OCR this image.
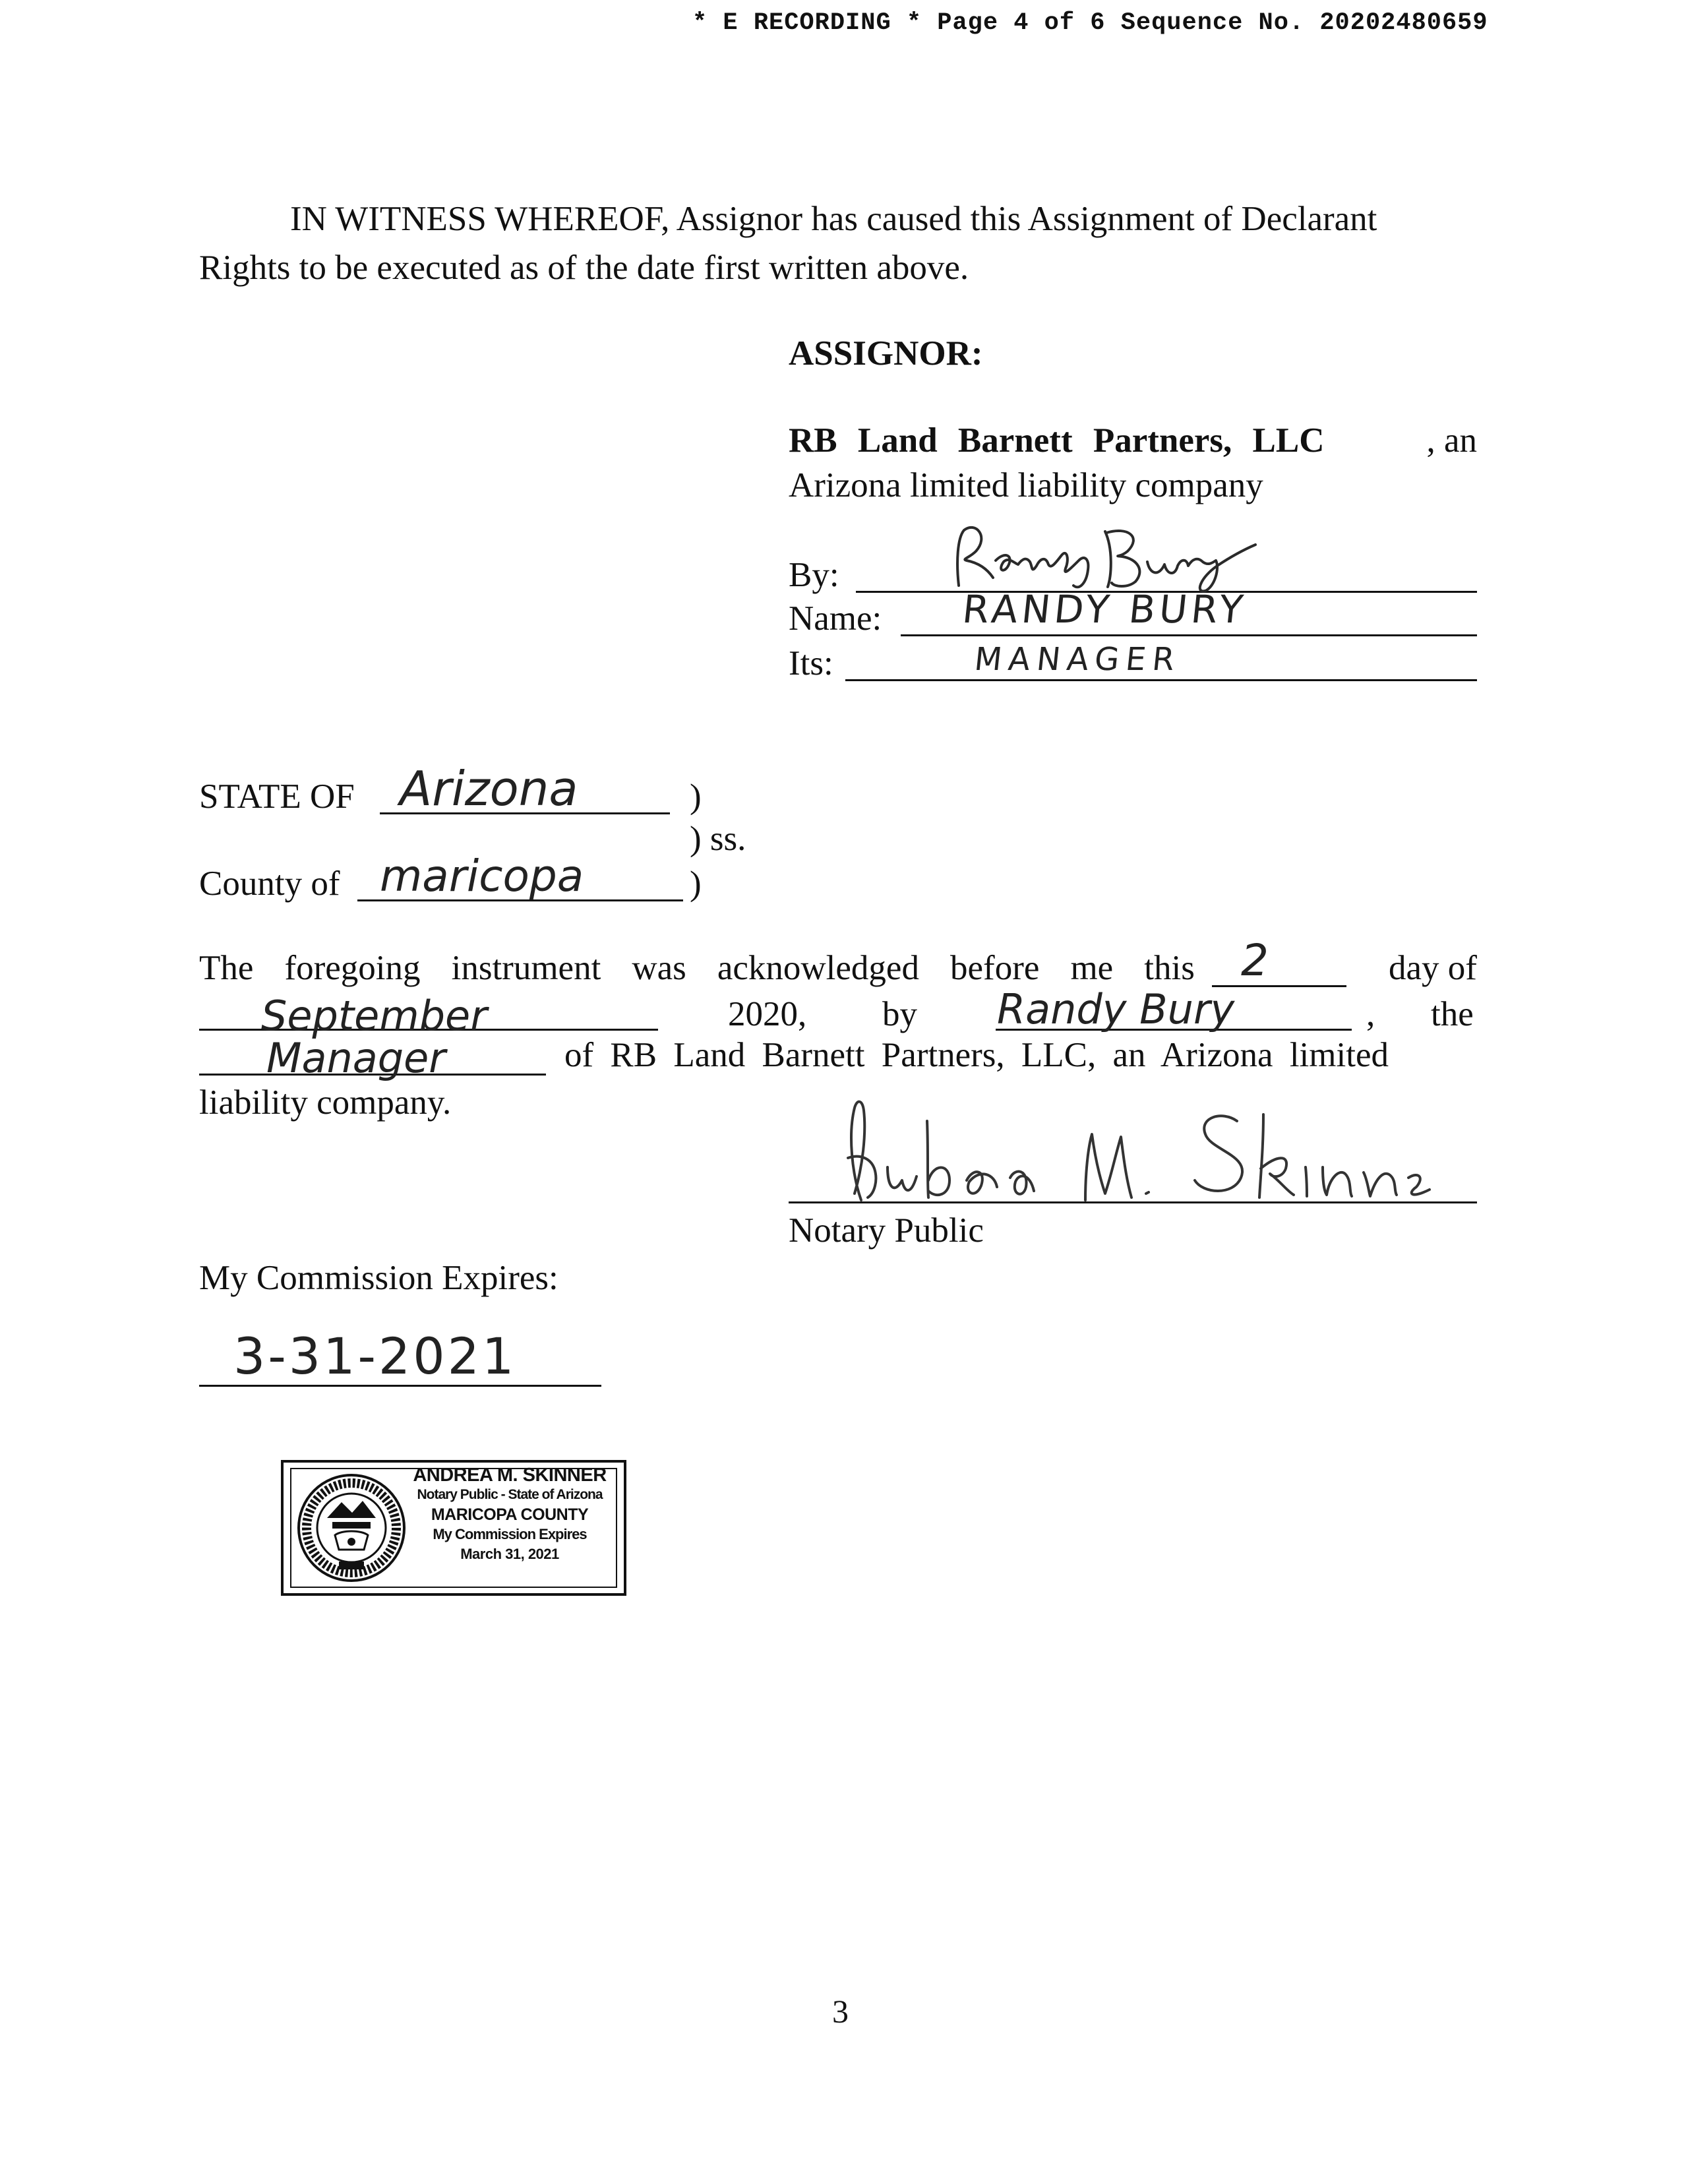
* E RECORDING * Page 4 of 6 Sequence No. 20202480659
IN WITNESS WHEREOF, Assignor has caused this Assignment of Declarant
Rights to be executed as of the date first written above.
ASSIGNOR:
RB Land Barnett Partners, LLC	, an
Arizona limited liability company
By:
Name: RANDY BURY
Its:	MANAGER
STATE OF Arizona	)
) ss.
County of maricopa	)
The foregoing instrument was acknowledged before me this	day of
2
September	2020, by Randy Bury	, the
Manager	of RB Land Barnett Partners, LLC, an Arizona limited
liability company.
Notary Public
My Commission Expires:
3-31-2021
ANDREA M. SKINNER
Notary Public - State of Arizona
MARICOPA COUNTY
My Commission Expires
March 31, 2021
3
